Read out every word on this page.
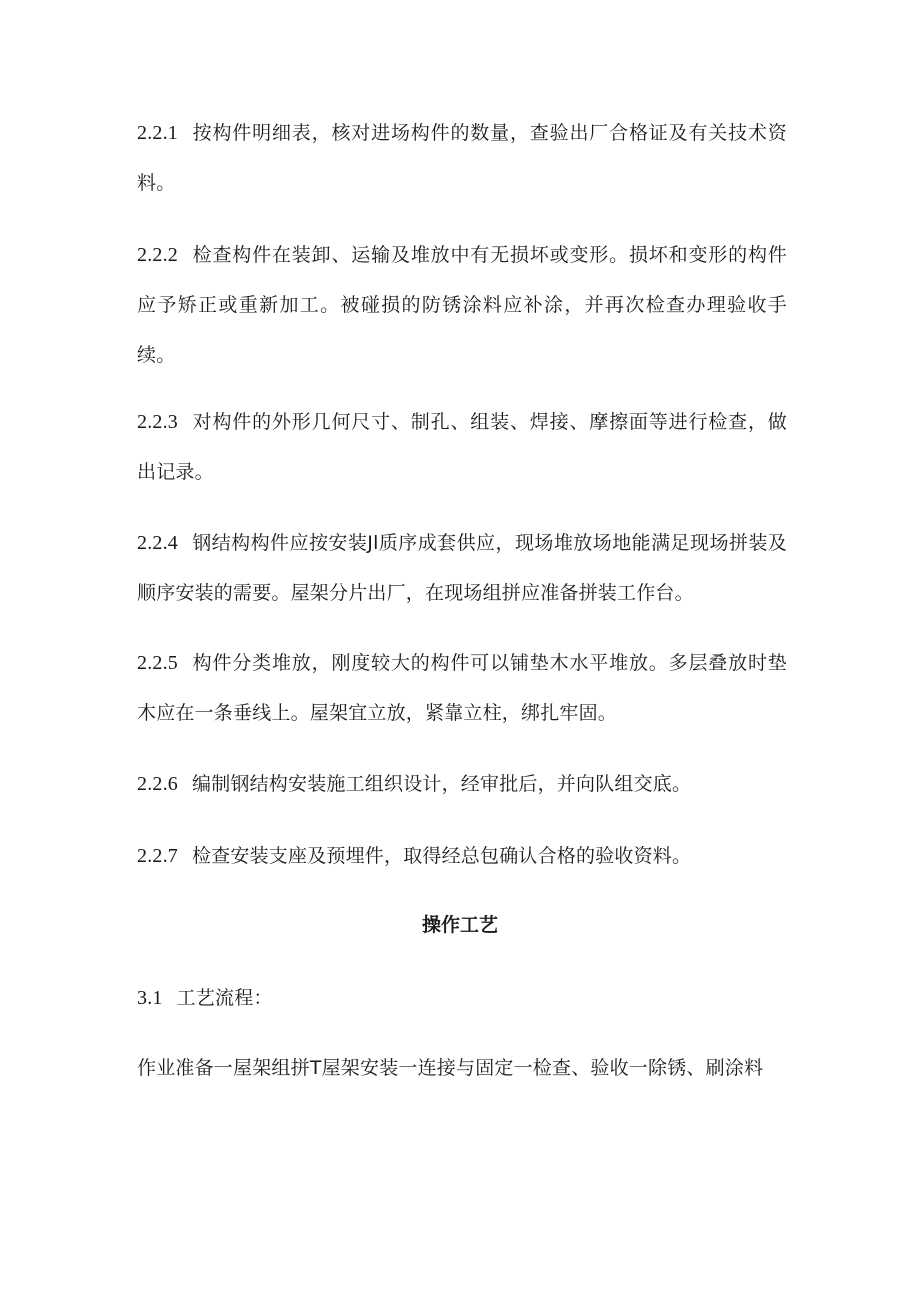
2.2.1 按构件明细表，核对进场构件的数量，查验出厂合格证及有关技术资料。

2.2.2 检查构件在装卸、运输及堆放中有无损坏或变形。损坏和变形的构件应予矫正或重新加工。被碰损的防锈涂料应补涂，并再次检查办理验收手续。

2.2.3 对构件的外形几何尺寸、制孔、组装、焊接、摩擦面等进行检查，做出记录。

2.2.4 钢结构构件应按安装Jl质序成套供应，现场堆放场地能满足现场拼装及顺序安装的需要。屋架分片出厂，在现场组拼应准备拼装工作台。

2.2.5 构件分类堆放，刚度较大的构件可以铺垫木水平堆放。多层叠放时垫木应在一条垂线上。屋架宜立放，紧靠立柱，绑扎牢固。

2.2.6 编制钢结构安装施工组织设计，经审批后，并向队组交底。

2.2.7 检查安装支座及预埋件，取得经总包确认合格的验收资料。

操作工艺

3.1 工艺流程：

作业准备一屋架组拼T屋架安装一连接与固定一检查、验收一除锈、刷涂料
